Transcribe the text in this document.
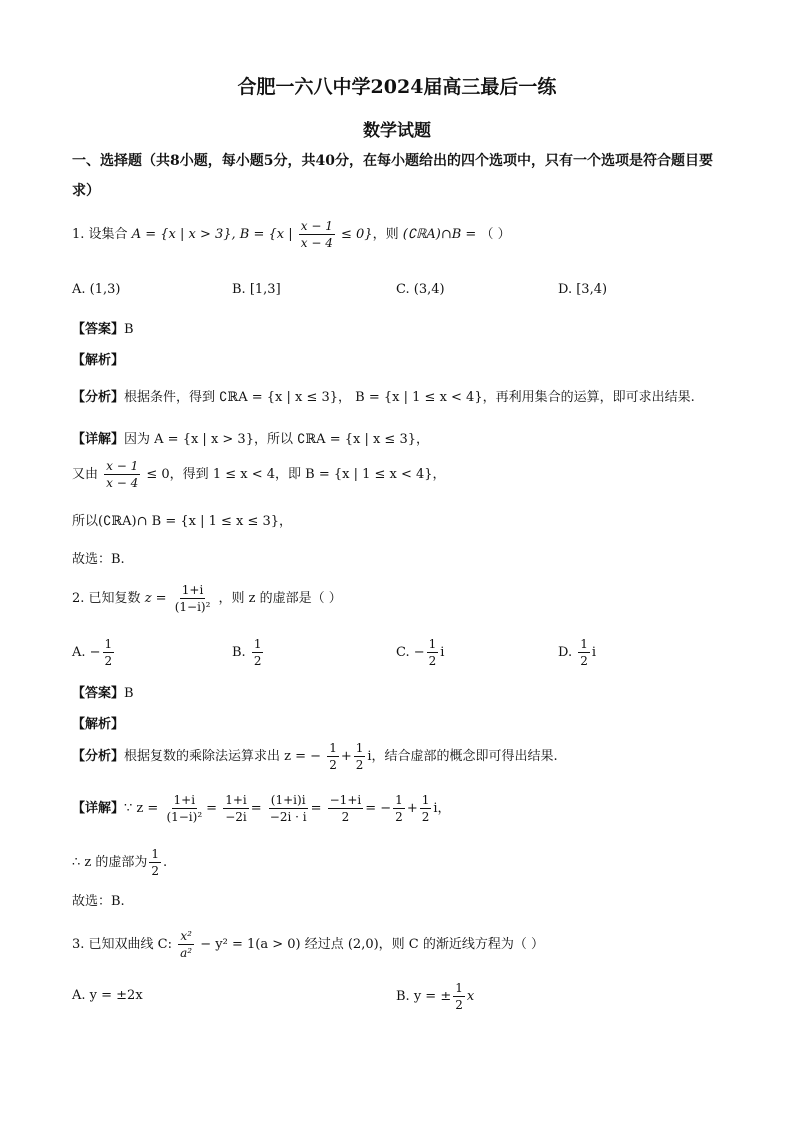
合肥一六八中学2024届高三最后一练
数学试题
一、选择题（共8小题，每小题5分，共40分，在每小题给出的四个选项中，只有一个选项是符合题目要求）
1. 设集合 A = {x | x > 3}, B = {x | $\frac{x - 1}{x - 4} \le 0$}，则 (∁ℝA)∩B = （ ）
A. (1,3)	B. [1,3]	C. (3,4)	D. [3,4)
【答案】B
【解析】
【分析】根据条件，得到 ∁ℝA = {x | x ≤ 3}， B = {x | 1 ≤ x < 4}，再利用集合的运算，即可求出结果.
【详解】因为 A = {x | x > 3}，所以 ∁ℝA = {x | x ≤ 3}，
又由 $\frac{x - 1}{x - 4} \le 0$，得到 1 ≤ x < 4，即 B = {x | 1 ≤ x < 4}，
所以(∁ℝA)∩ B = {x | 1 ≤ x ≤ 3}，
故选：B.
2. 已知复数 $z = \frac{1+i}{\text{(1−i)²}}$ ，则 z 的虚部是（ ）
A. − $\frac{1}{2}$	B. $\frac{1}{2}$	C. − $\frac{1}{2}$ i	D. $\frac{1}{2}$ i
【答案】B
【解析】
【分析】根据复数的乘除法运算求出 z = − $\frac{1}{2} + \frac{1}{2}$ i，结合虚部的概念即可得出结果.
【详解】∵ $z = \frac{1+i}{\text{(1−i)²}} = \frac{1+i}{-2i} = \frac{(1+i)i}{-2i \cdot i} = \frac{-1+i}{2}$ = − $\frac{1}{2} + \frac{1}{2}$ i，
∴ z 的虚部为 $\frac{1}{2}$ .
故选：B.
3. 已知双曲线 C: $\frac{\text{x²}}{\text{a²}} - y^2 = 1(a > 0)$ 经过点 (2,0)，则 C 的渐近线方程为（ ）
A. y = ±2x	B. y = ± $\frac{1}{2}$ x
